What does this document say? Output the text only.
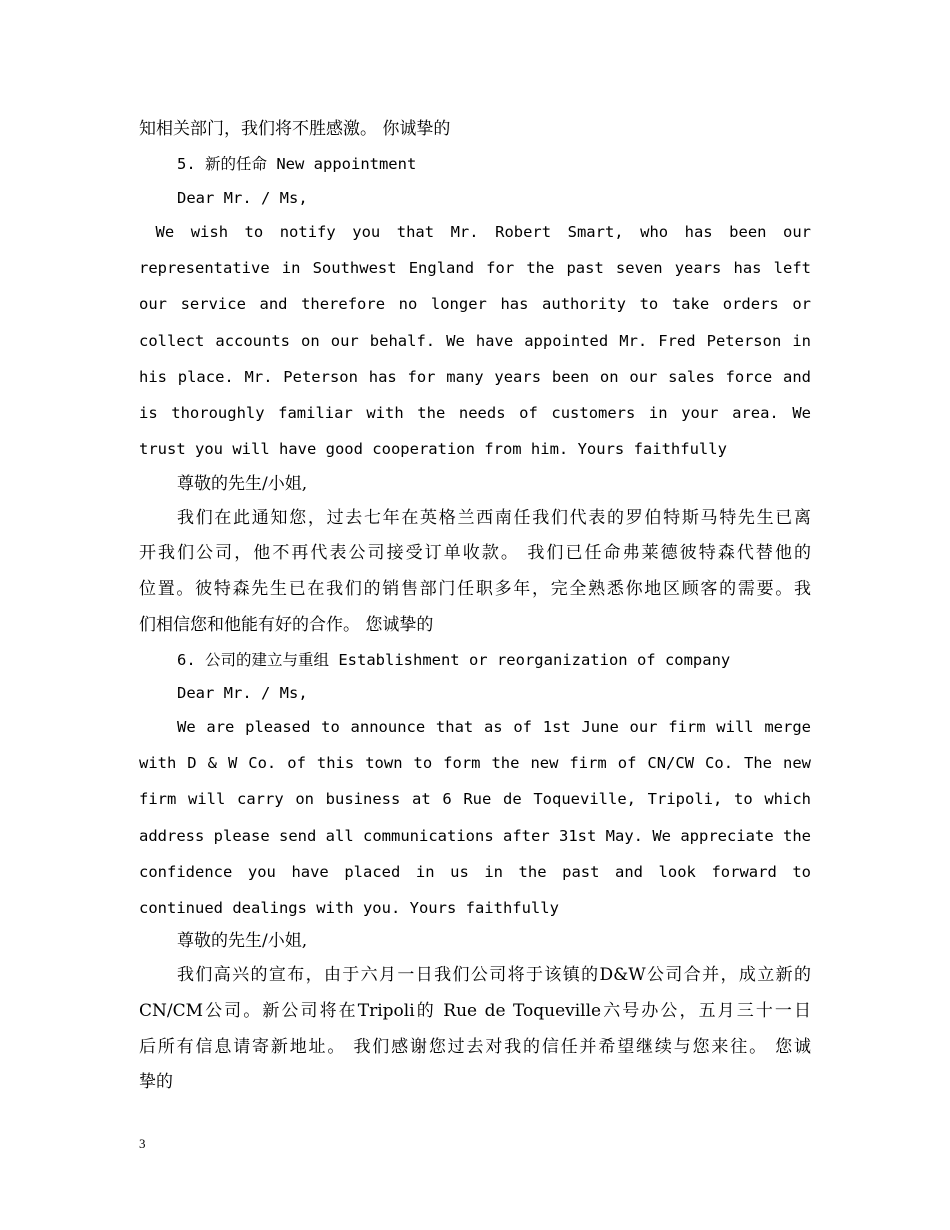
知相关部门，我们将不胜感激。 你诚挚的

5. 新的任命 New appointment

Dear Mr. / Ms,

We wish to notify you that Mr. Robert Smart, who has been our

representative in Southwest England for the past seven years has left

our service and therefore no longer has authority to take orders or

collect accounts on our behalf. We have appointed Mr. Fred Peterson in

his place. Mr. Peterson has for many years been on our sales force and

is thoroughly familiar with the needs of customers in your area. We

trust you will have good cooperation from him. Yours faithfully

尊敬的先生/小姐,

我们在此通知您，过去七年在英格兰西南任我们代表的罗伯特斯马特先生已离

开我们公司，他不再代表公司接受订单收款。 我们已任命弗莱德彼特森代替他的

位置。彼特森先生已在我们的销售部门任职多年，完全熟悉你地区顾客的需要。我

们相信您和他能有好的合作。 您诚挚的

6. 公司的建立与重组 Establishment or reorganization of company

Dear Mr. / Ms,

We are pleased to announce that as of 1st June our firm will merge

with D & W Co. of this town to form the new firm of CN/CW Co. The new

firm will carry on business at 6 Rue de Toqueville, Tripoli, to which

address please send all communications after 31st May. We appreciate the

confidence you have placed in us in the past and look forward to

continued dealings with you. Yours faithfully

尊敬的先生/小姐,

我们高兴的宣布，由于六月一日我们公司将于该镇的D&W公司合并，成立新的

CN/CM公司。新公司将在Tripoli的 Rue de Toqueville六号办公，五月三十一日

后所有信息请寄新地址。 我们感谢您过去对我的信任并希望继续与您来往。 您诚

挚的

3
